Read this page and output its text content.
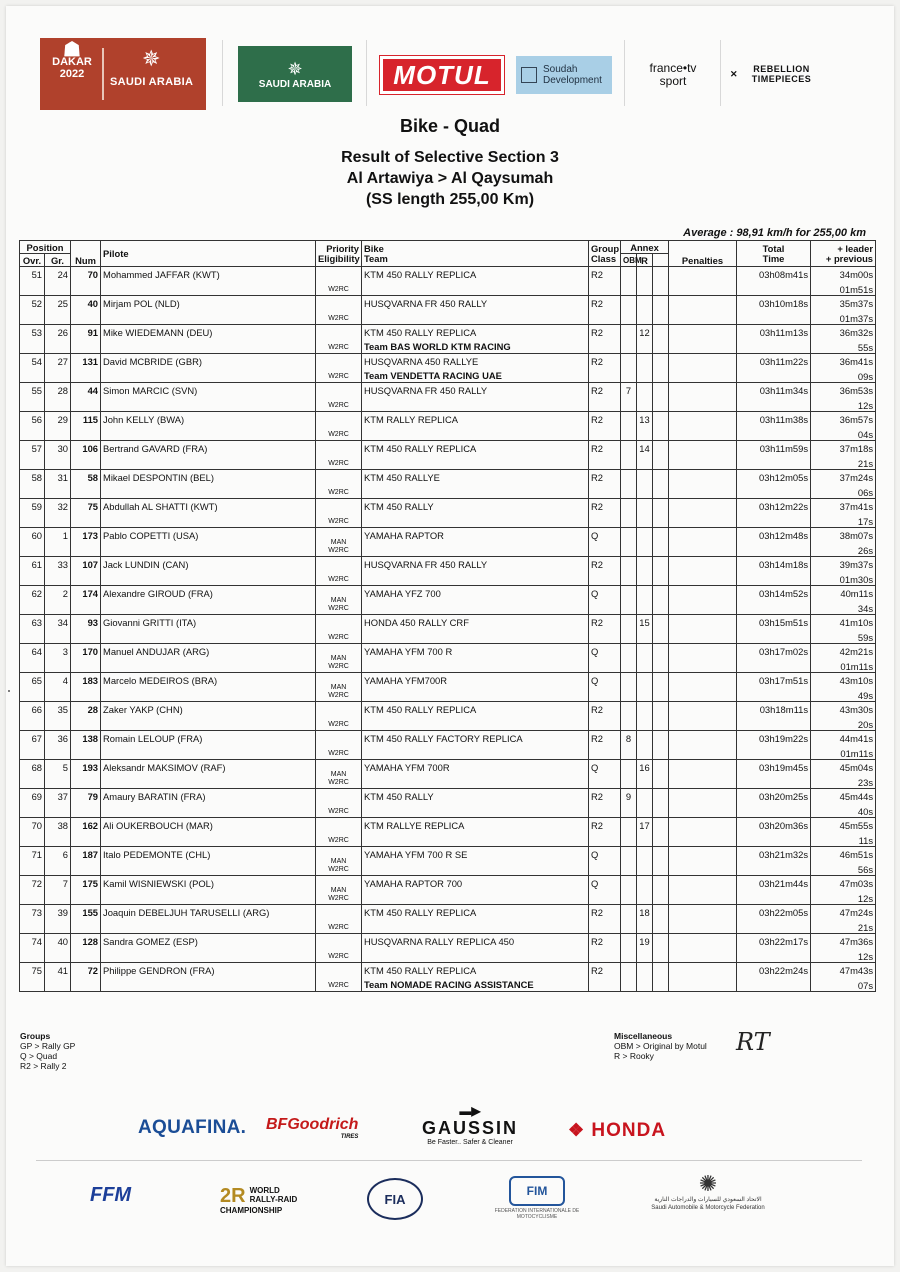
☗
DAKAR
2022
✵
SAUDI ARABIA
✵
SAUDI ARABIA	MOTUL	Soudah Development
france•tv
sport
✕	REBELLION TIMEPIECES
Bike - Quad
Result of Selective Section 3
Al Artawiya > Al Qaysumah
(SS length 255,00 Km)
Average : 98,91 km/h for 255,00 km
Position		Num	Pilote	Priority
Eligibility	Bike
Team	Group
Class	Annex			Penalties	Total
Time	+ leader
+ previous
Ovr.	Gr.						OBM	R				
51	24	70	Mohammed JAFFAR (KWT)	W2RC	KTM 450 RALLY REPLICA	R2					03h08m41s	34m00s
01m51s

52	25	40	Mirjam POL (NLD)	W2RC	HUSQVARNA FR 450 RALLY	R2					03h10m18s	35m37s
01m37s

53	26	91	Mike WIEDEMANN (DEU)	W2RC	KTM 450 RALLY REPLICA
Team BAS WORLD KTM RACING	R2		12			03h11m13s	36m32s
55s

54	27	131	David MCBRIDE (GBR)	W2RC	HUSQVARNA 450 RALLYE
Team VENDETTA RACING UAE	R2					03h11m22s	36m41s
09s

55	28	44	Simon MARCIC (SVN)	W2RC	HUSQVARNA FR 450 RALLY	R2	7				03h11m34s	36m53s
12s

56	29	115	John KELLY (BWA)	W2RC	KTM RALLY REPLICA	R2		13			03h11m38s	36m57s
04s

57	30	106	Bertrand GAVARD (FRA)	W2RC	KTM 450 RALLY REPLICA	R2		14			03h11m59s	37m18s
21s

58	31	58	Mikael DESPONTIN (BEL)	W2RC	KTM 450 RALLYE	R2					03h12m05s	37m24s
06s

59	32	75	Abdullah AL SHATTI (KWT)	W2RC	KTM 450 RALLY	R2					03h12m22s	37m41s
17s

60	1	173	Pablo COPETTI (USA)	MAN
W2RC	YAMAHA RAPTOR	Q					03h12m48s	38m07s
26s

61	33	107	Jack LUNDIN (CAN)	W2RC	HUSQVARNA FR 450 RALLY	R2					03h14m18s	39m37s
01m30s

62	2	174	Alexandre GIROUD (FRA)	MAN
W2RC	YAMAHA YFZ 700	Q					03h14m52s	40m11s
34s

63	34	93	Giovanni GRITTI (ITA)	W2RC	HONDA 450 RALLY CRF	R2		15			03h15m51s	41m10s
59s

64	3	170	Manuel ANDUJAR (ARG)	MAN
W2RC	YAMAHA YFM 700 R	Q					03h17m02s	42m21s
01m11s

65	4	183	Marcelo MEDEIROS (BRA)	MAN
W2RC	YAMAHA YFM700R	Q					03h17m51s	43m10s
49s

66	35	28	Zaker YAKP (CHN)	W2RC	KTM 450 RALLY REPLICA	R2					03h18m11s	43m30s
20s

67	36	138	Romain LELOUP (FRA)	W2RC	KTM 450 RALLY FACTORY REPLICA	R2	8				03h19m22s	44m41s
01m11s

68	5	193	Aleksandr MAKSIMOV (RAF)	MAN
W2RC	YAMAHA YFM 700R	Q		16			03h19m45s	45m04s
23s

69	37	79	Amaury BARATIN (FRA)	W2RC	KTM 450 RALLY	R2	9				03h20m25s	45m44s
40s

70	38	162	Ali OUKERBOUCH (MAR)	W2RC	KTM RALLYE REPLICA	R2		17			03h20m36s	45m55s
11s

71	6	187	Italo PEDEMONTE (CHL)	MAN
W2RC	YAMAHA YFM 700 R SE	Q					03h21m32s	46m51s
56s

72	7	175	Kamil WISNIEWSKI (POL)	MAN
W2RC	YAMAHA RAPTOR 700	Q					03h21m44s	47m03s
12s

73	39	155	Joaquin DEBELJUH TARUSELLI (ARG)	W2RC	KTM 450 RALLY REPLICA	R2		18			03h22m05s	47m24s
21s

74	40	128	Sandra GOMEZ (ESP)	W2RC	HUSQVARNA RALLY REPLICA 450	R2		19			03h22m17s	47m36s
12s

75	41	72	Philippe GENDRON (FRA)	W2RC	KTM 450 RALLY REPLICA
Team NOMADE RACING ASSISTANCE	R2					03h22m24s	47m43s
07s
Groups
GP > Rally GP
Q > Quad
R2 > Rally 2
Miscellaneous
OBM > Original by Motul
R > Rooky	RT
AQUAFINA. BFGoodrich
TIRES
▬▶
GAUSSIN
Be Faster.. Safer & Cleaner
❖ HONDA
FFM	2R WORLD RALLY-RAID CHAMPIONSHIP
FIA
FIM
FEDERATION INTERNATIONALE DE MOTOCYCLISME
✺
الاتحاد السعودي للسيارات والدراجات النارية
Saudi Automobile & Motorcycle Federation
